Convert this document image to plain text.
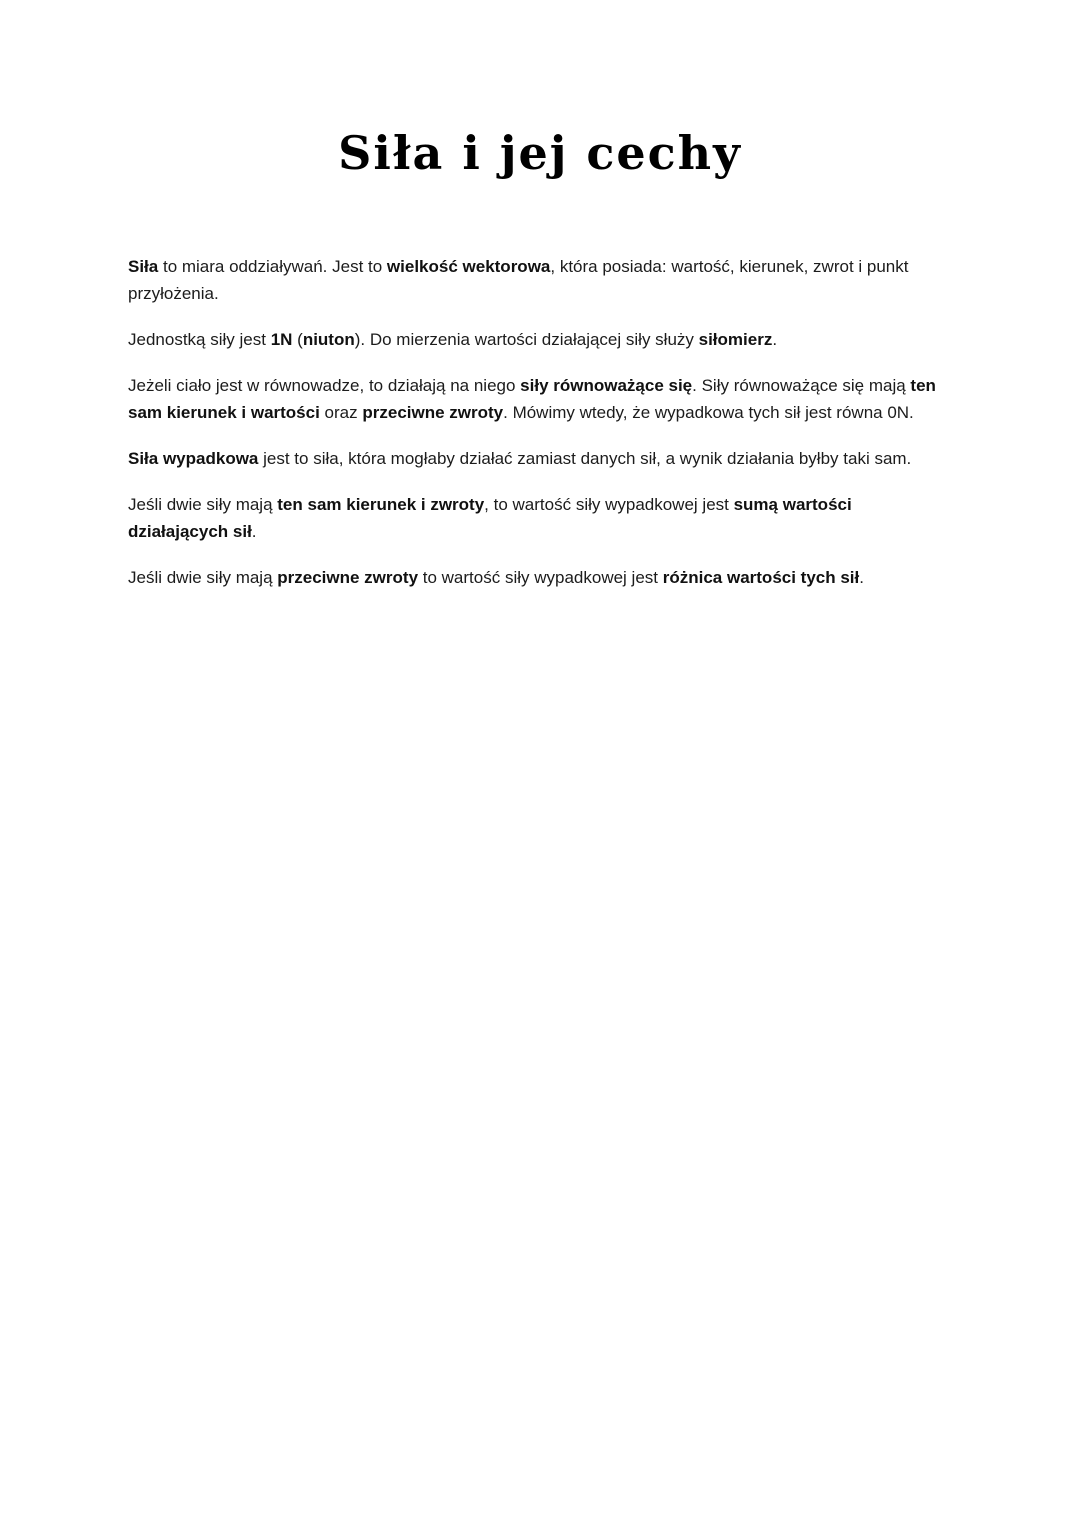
Siła i jej cechy

Siła to miara oddziaływań. Jest to wielkość wektorowa, która posiada: wartość, kierunek, zwrot i punkt przyłożenia.

Jednostką siły jest 1N (niuton). Do mierzenia wartości działającej siły służy siłomierz.

Jeżeli ciało jest w równowadze, to działają na niego siły równoważące się. Siły równoważące się mają ten sam kierunek i wartości oraz przeciwne zwroty. Mówimy wtedy, że wypadkowa tych sił jest równa 0N.

Siła wypadkowa jest to siła, która mogłaby działać zamiast danych sił, a wynik działania byłby taki sam.

Jeśli dwie siły mają ten sam kierunek i zwroty, to wartość siły wypadkowej jest sumą wartości działających sił.

Jeśli dwie siły mają przeciwne zwroty to wartość siły wypadkowej jest różnica wartości tych sił.
